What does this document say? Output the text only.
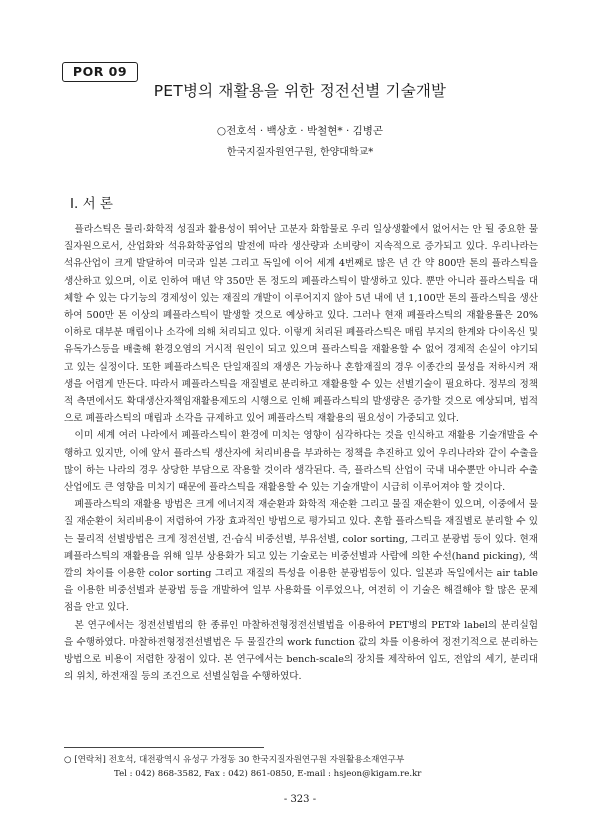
POR 09
PET병의 재활용을 위한 정전선별 기술개발
○전호석 · 백상호 · 박철현* · 김병곤
한국지질자원연구원, 한양대학교*
Ⅰ. 서 론

플라스틱은 물리·화학적 성질과 활용성이 뛰어난 고분자 화합물로 우리 일상생활에서 없어서는 안 될 중요한 물질자원으로서, 산업화와 석유화학공업의 발전에 따라 생산량과 소비량이 지속적으로 증가되고 있다. 우리나라는 석유산업이 크게 발달하여 미국과 일본 그리고 독일에 이어 세계 4번째로 많은 년 간 약 800만 톤의 플라스틱을 생산하고 있으며, 이로 인하여 매년 약 350만 톤 정도의 폐플라스틱이 발생하고 있다. 뿐만 아니라 플라스틱을 대체할 수 있는 다기능의 경제성이 있는 재질의 개발이 이루어지지 않아 5년 내에 년 1,100만 톤의 플라스틱을 생산하여 500만 톤 이상의 폐플라스틱이 발생할 것으로 예상하고 있다. 그러나 현재 폐플라스틱의 재활용률은 20% 이하로 대부분 매립이나 소각에 의해 처리되고 있다. 이렇게 처리된 폐플라스틱은 매립 부지의 한계와 다이옥신 및 유독가스등을 배출해 환경오염의 거시적 원인이 되고 있으며 플라스틱을 재활용할 수 없어 경제적 손실이 야기되고 있는 실정이다. 또한 폐플라스틱은 단일재질의 재생은 가능하나 혼합재질의 경우 이종간의 물성을 저하시켜 재생을 어렵게 만든다. 따라서 폐플라스틱을 재질별로 분리하고 재활용할 수 있는 선별기술이 필요하다. 정부의 정책적 측면에서도 확대생산자책임재활용제도의 시행으로 인해 폐플라스틱의 발생량은 증가할 것으로 예상되며, 법적으로 폐플라스틱의 매립과 소각을 규제하고 있어 폐플라스틱 재활용의 필요성이 가중되고 있다.

이미 세계 여러 나라에서 폐플라스틱이 환경에 미치는 영향이 심각하다는 것을 인식하고 재활용 기술개발을 수행하고 있지만, 이에 앞서 플라스틱 생산자에 처리비용을 부과하는 정책을 추진하고 있어 우리나라와 같이 수출을 많이 하는 나라의 경우 상당한 부담으로 작용할 것이라 생각된다. 즉, 플라스틱 산업이 국내 내수뿐만 아니라 수출산업에도 큰 영향을 미치기 때문에 플라스틱을 재활용할 수 있는 기술개발이 시급히 이루어져야 할 것이다.

폐플라스틱의 재활용 방법은 크게 에너지적 재순환과 화학적 재순환 그리고 물질 재순환이 있으며, 이중에서 물질 재순환이 처리비용이 저렴하여 가장 효과적인 방법으로 평가되고 있다. 혼합 플라스틱을 재질별로 분리할 수 있는 물리적 선별방법은 크게 정전선별, 건·습식 비중선별, 부유선별, color sorting, 그리고 분광법 등이 있다. 현재 폐플라스틱의 재활용을 위해 일부 상용화가 되고 있는 기술로는 비중선별과 사람에 의한 수선(hand picking), 색깔의 차이를 이용한 color sorting 그리고 재질의 특성을 이용한 분광법등이 있다. 일본과 독일에서는 air table을 이용한 비중선별과 분광법 등을 개발하여 일부 사용화를 이루었으나, 여전히 이 기술은 해결해야 할 많은 문제점을 안고 있다.

본 연구에서는 정전선별법의 한 종류인 마찰하전형정전선별법을 이용하여 PET병의 PET와 label의 분리실험을 수행하였다. 마찰하전형정전선별법은 두 물질간의 work function 값의 차를 이용하여 정전기적으로 분리하는 방법으로 비용이 저렴한 장점이 있다. 본 연구에서는 bench-scale의 장치를 제작하여 입도, 전압의 세기, 분리대의 위치, 하전재질 등의 조건으로 선별실험을 수행하였다.

○ [연락처] 전호석, 대전광역시 유성구 가정동 30 한국지질자원연구원 자원활용소재연구부
Tel : 042) 868-3582, Fax : 042) 861-0850, E-mail : hsjeon@kigam.re.kr
- 323 -
